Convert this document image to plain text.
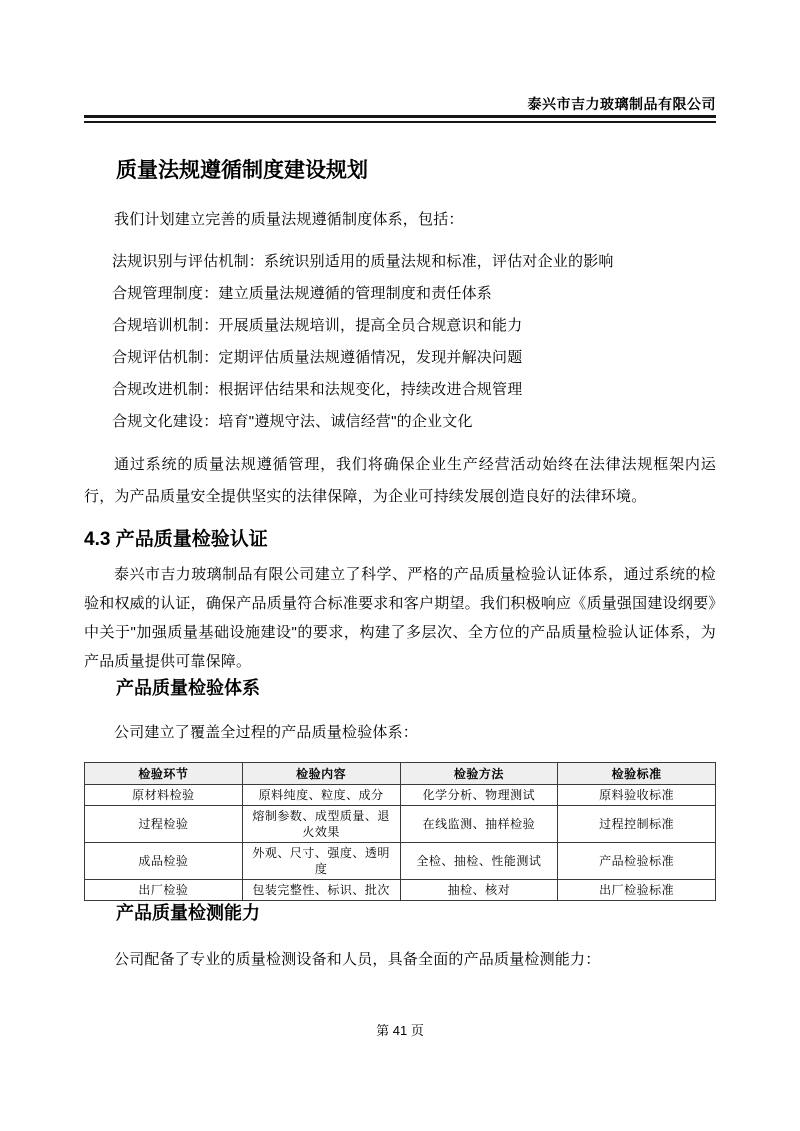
泰兴市吉力玻璃制品有限公司
质量法规遵循制度建设规划

我们计划建立完善的质量法规遵循制度体系，包括：

法规识别与评估机制：系统识别适用的质量法规和标准，评估对企业的影响

合规管理制度：建立质量法规遵循的管理制度和责任体系

合规培训机制：开展质量法规培训，提高全员合规意识和能力

合规评估机制：定期评估质量法规遵循情况，发现并解决问题

合规改进机制：根据评估结果和法规变化，持续改进合规管理

合规文化建设：培育"遵规守法、诚信经营"的企业文化

通过系统的质量法规遵循管理，我们将确保企业生产经营活动始终在法律法规框架内运行，为产品质量安全提供坚实的法律保障，为企业可持续发展创造良好的法律环境。

4.3 产品质量检验认证

泰兴市吉力玻璃制品有限公司建立了科学、严格的产品质量检验认证体系，通过系统的检验和权威的认证，确保产品质量符合标准要求和客户期望。我们积极响应《质量强国建设纲要》中关于"加强质量基础设施建设"的要求，构建了多层次、全方位的产品质量检验认证体系，为产品质量提供可靠保障。

产品质量检验体系

公司建立了覆盖全过程的产品质量检验体系：

检验环节	检验内容	检验方法	检验标准
原材料检验	原料纯度、粒度、成分	化学分析、物理测试	原料验收标准
过程检验	熔制参数、成型质量、退火效果	在线监测、抽样检验	过程控制标准
成品检验	外观、尺寸、强度、透明度	全检、抽检、性能测试	产品检验标准
出厂检验	包装完整性、标识、批次	抽检、核对	出厂检验标准
产品质量检测能力

公司配备了专业的质量检测设备和人员，具备全面的产品质量检测能力：

第 41 页
